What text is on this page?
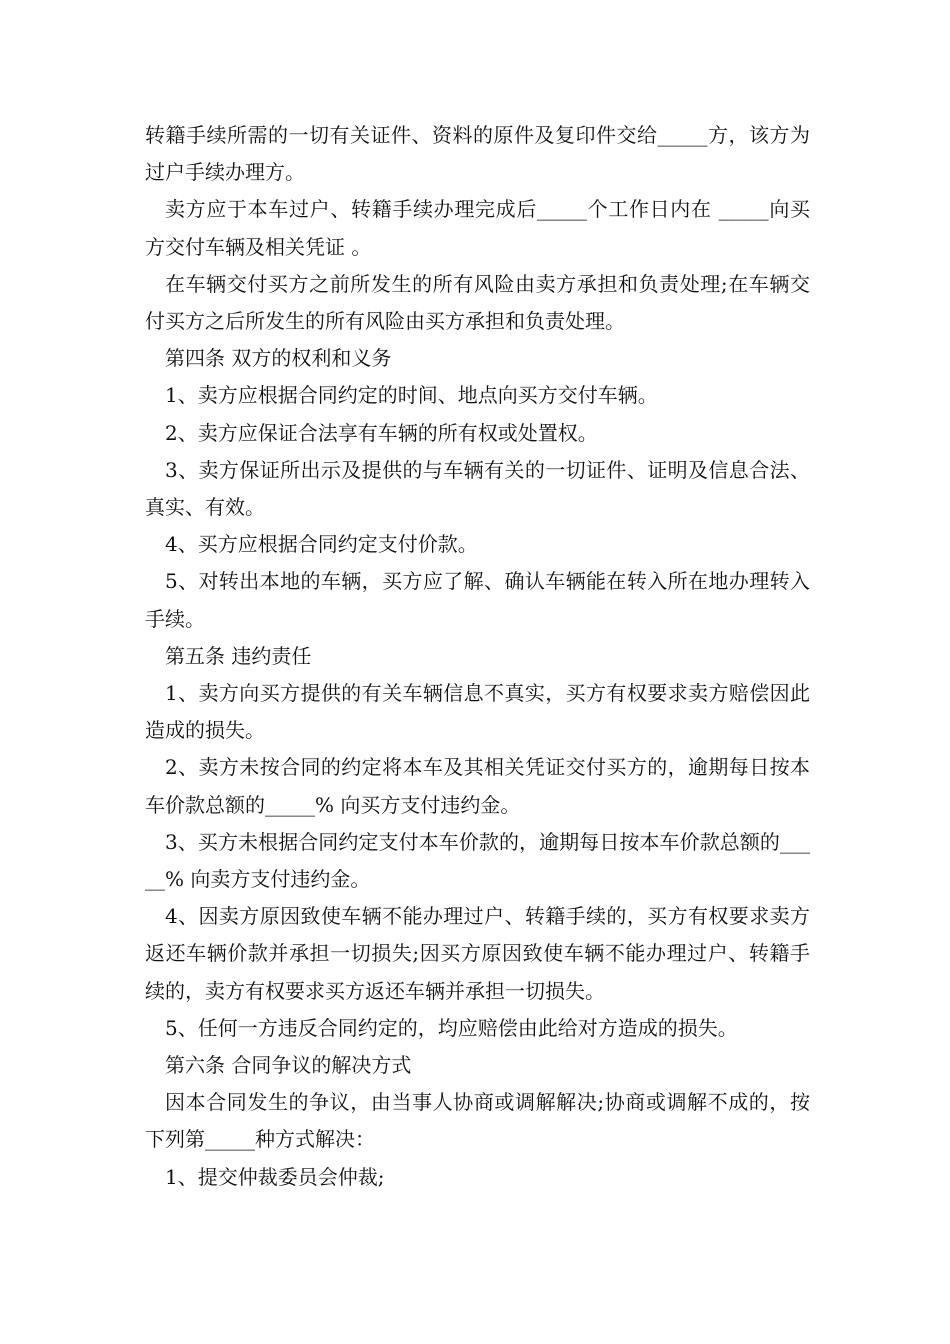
转籍手续所需的一切有关证件、资料的原件及复印件交给_____方，该方为过户手续办理方。

卖方应于本车过户、转籍手续办理完成后_____个工作日内在 _____向买方交付车辆及相关凭证 。

在车辆交付买方之前所发生的所有风险由卖方承担和负责处理;在车辆交付买方之后所发生的所有风险由买方承担和负责处理。

第四条 双方的权利和义务

1、卖方应根据合同约定的时间、地点向买方交付车辆。

2、卖方应保证合法享有车辆的所有权或处置权。

3、卖方保证所出示及提供的与车辆有关的一切证件、证明及信息合法、真实、有效。

4、买方应根据合同约定支付价款。

5、对转出本地的车辆，买方应了解、确认车辆能在转入所在地办理转入手续。

第五条 违约责任

1、卖方向买方提供的有关车辆信息不真实，买方有权要求卖方赔偿因此造成的损失。

2、卖方未按合同的约定将本车及其相关凭证交付买方的，逾期每日按本车价款总额的_____% 向买方支付违约金。

3、买方未根据合同约定支付本车价款的，逾期每日按本车价款总额的_____% 向卖方支付违约金。

4、因卖方原因致使车辆不能办理过户、转籍手续的，买方有权要求卖方返还车辆价款并承担一切损失;因买方原因致使车辆不能办理过户、转籍手续的，卖方有权要求买方返还车辆并承担一切损失。

5、任何一方违反合同约定的，均应赔偿由此给对方造成的损失。

第六条 合同争议的解决方式

因本合同发生的争议，由当事人协商或调解解决;协商或调解不成的，按下列第_____种方式解决：

1、提交仲裁委员会仲裁;
